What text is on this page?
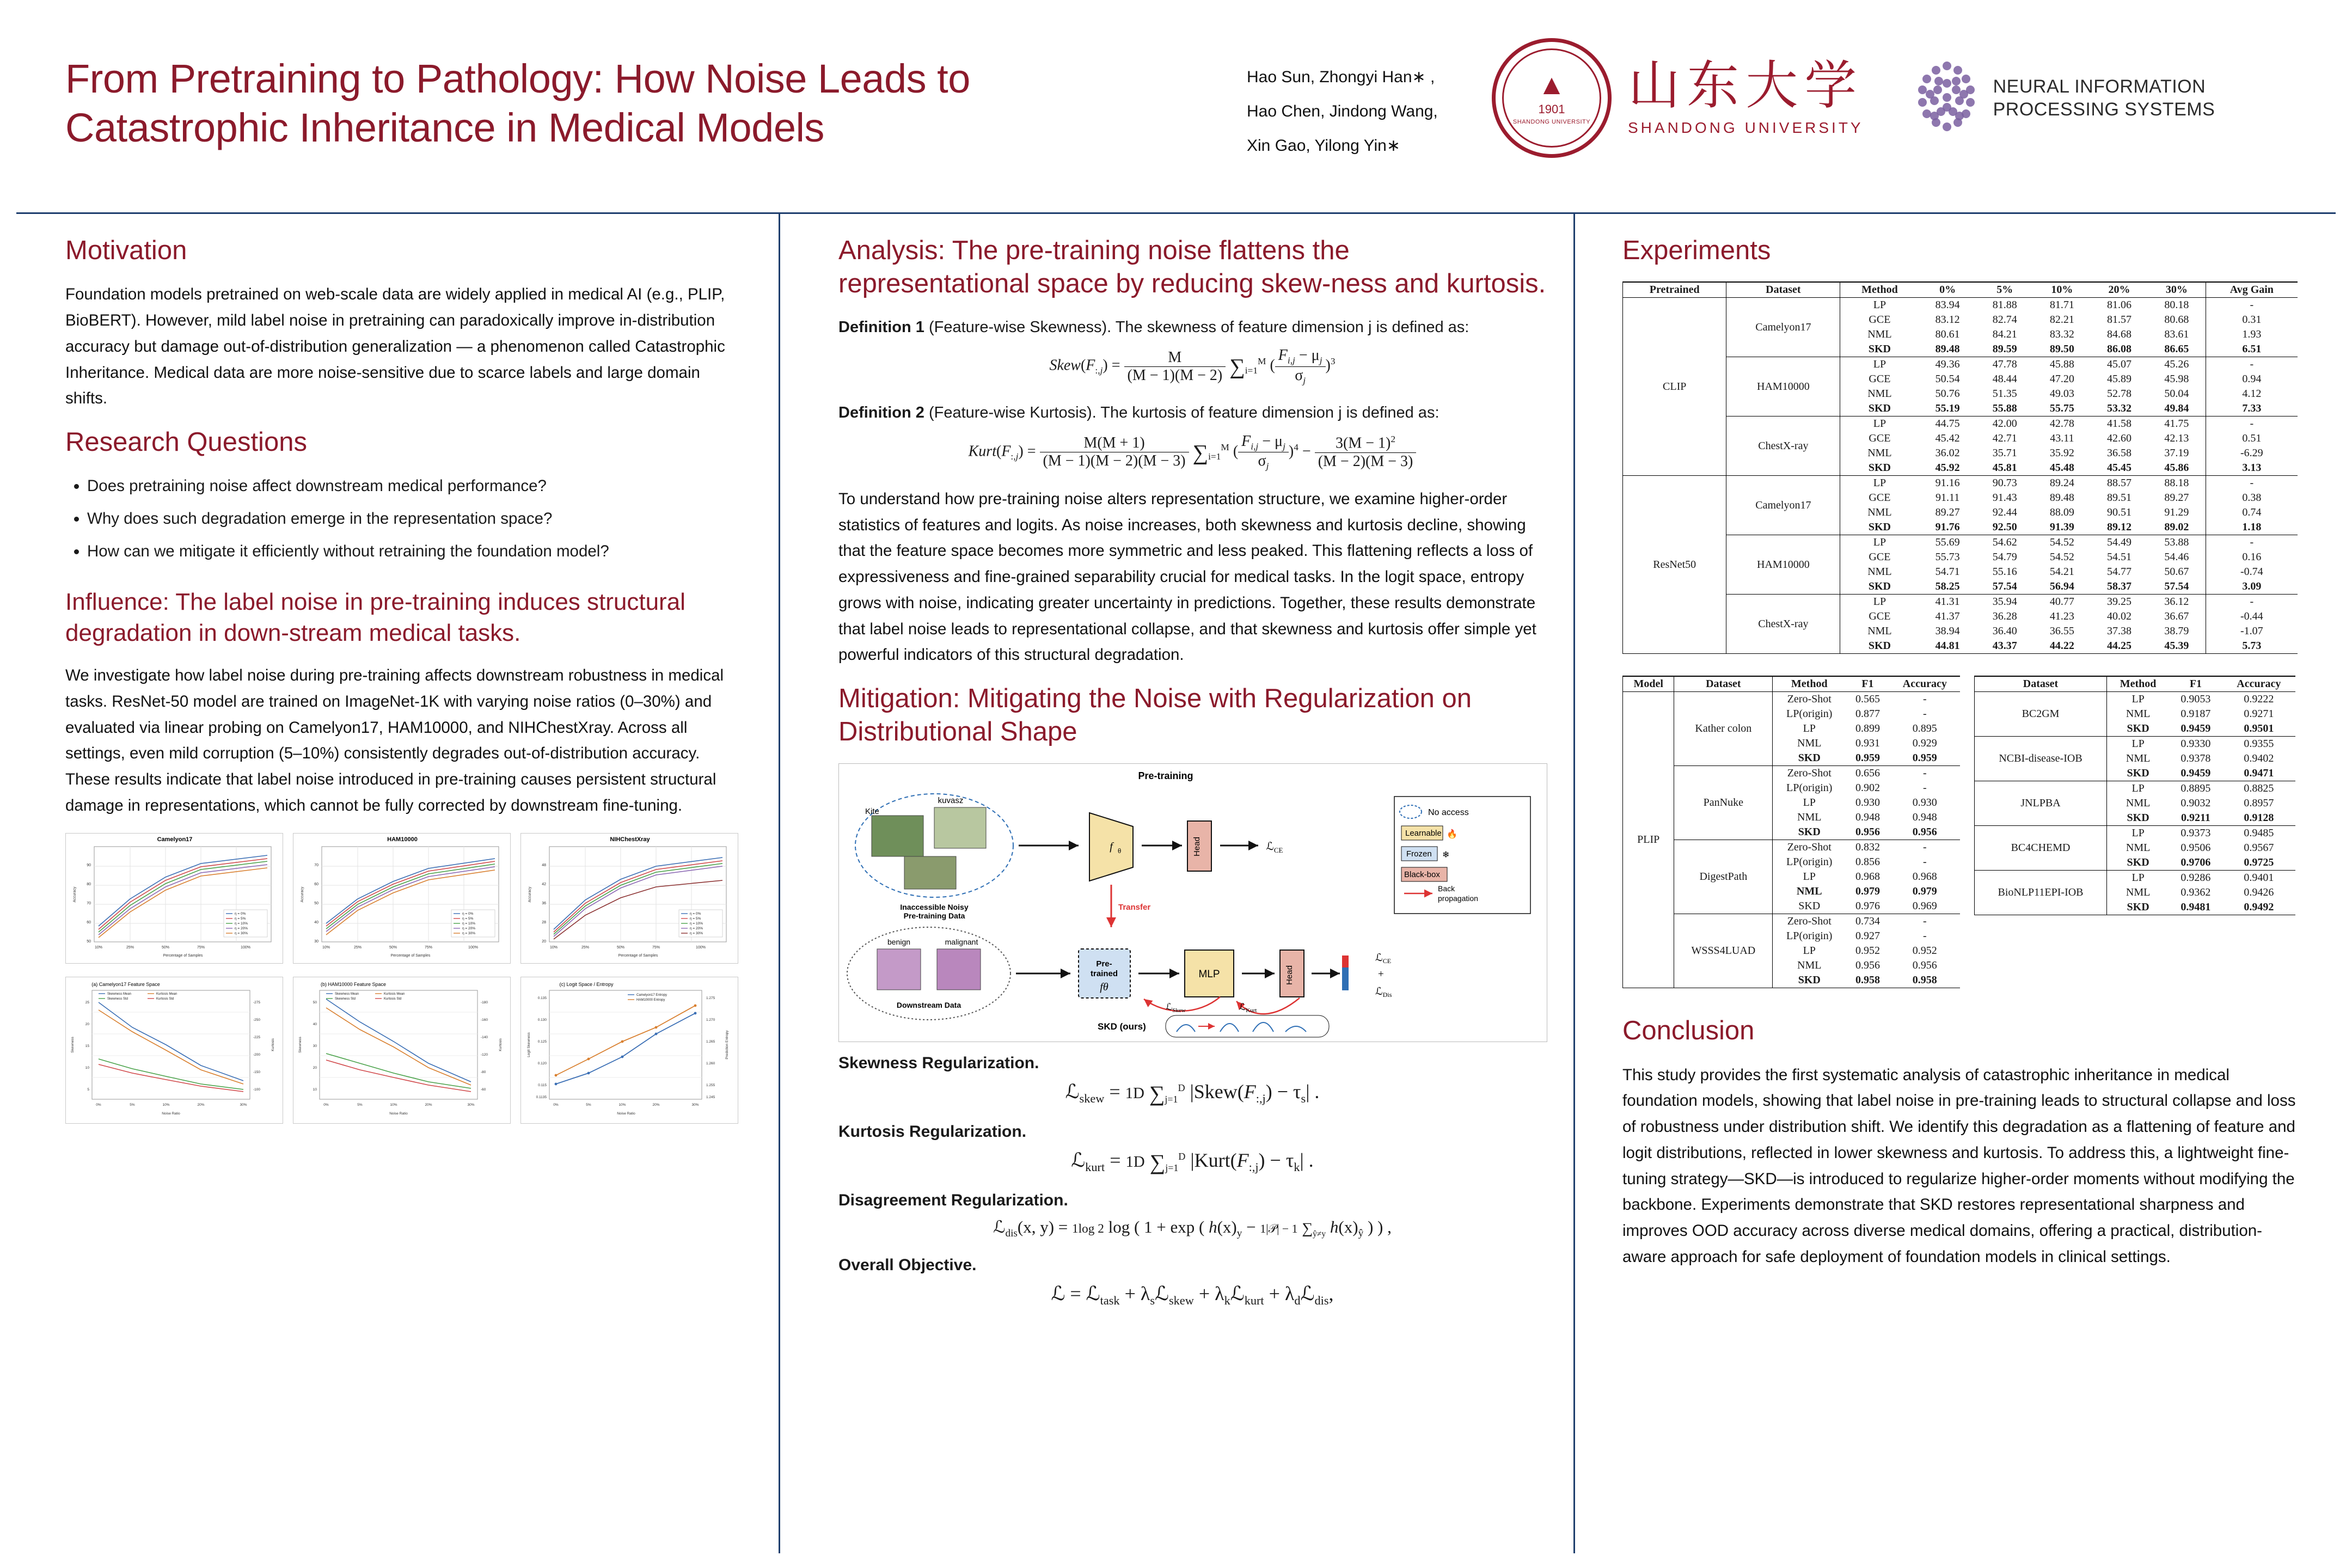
From Pretraining to Pathology: How Noise Leads to
Catastrophic Inheritance in Medical Models
Hao Sun, Zhongyi Han∗ ,
Hao Chen, Jindong Wang,
Xin Gao, Yilong Yin∗
▲
1901
SHANDONG UNIVERSITY
山东大学
SHANDONG UNIVERSITY
NEURAL INFORMATION
PROCESSING SYSTEMS
Motivation

Foundation models pretrained on web-scale data are widely applied in medical AI (e.g., PLIP, BioBERT). However, mild label noise in pretraining can paradoxically improve in-distribution accuracy but damage out-of-distribution generalization — a phenomenon called Catastrophic Inheritance. Medical data are more noise-sensitive due to scarce labels and large domain shifts.

Research Questions
• Does pretraining noise affect downstream medical performance?
• Why does such degradation emerge in the representation space?
• How can we mitigate it efficiently without retraining the foundation model?
Influence: The label noise in pre-training induces structural degradation in down-stream medical tasks.

We investigate how label noise during pre-training affects downstream robustness in medical tasks. ResNet-50 model are trained on ImageNet-1K with varying noise ratios (0–30%) and evaluated via linear probing on Camelyon17, HAM10000, and NIHChestXray. Across all settings, even mild corruption (5–10%) consistently degrades out-of-distribution accuracy. These results indicate that label noise introduced in pre-training causes persistent structural damage in representations, which cannot be fully corrected by downstream fine-tuning.

Camelyon17
50
60
70
80
90
10%	25%	50%	75%	100%
Percentage of Samples
Accuracy
η = 0%
η = 5%
η = 10%
η = 20%
η = 30%
HAM10000
30
40
50
60
70
10%	25%	50%	75%	100%
Percentage of Samples
Accuracy
η = 0%
η = 5%
η = 10%
η = 20%
η = 30%
NIHChestXray
20
28
36
42
48
10%	25%	50%	75%	100%
Percentage of Samples
Accuracy
η = 0%
η = 5%
η = 10%
η = 20%
η = 30%
(a) Camelyon17 Feature Space
25
20
15
10
5
-275
-250
-225
-200
-150
-100
0%	5%	10%	20%	30%
Noise Ratio
Skewness	Kurtosis
Skewness Mean	Kurtosis Mean
Skewness Std	Kurtosis Std
(b) HAM10000 Feature Space
50
40
30
20
10
-180
-160
-140
-120
-80
-60
0%	5%	10%	20%	30%
Noise Ratio
Skewness	Kurtosis
Skewness Mean	Kurtosis Mean
Skewness Std	Kurtosis Std
(c) Logit Space / Entropy
0.135
0.130
0.125
0.120
0.115
0.1135
1.275
1.270
1.265
1.260
1.255
1.245
0%	5%	10%	20%	30%
Noise Ratio
Logit Skewness	Prediction Entropy
Camelyon17 Entropy
HAM10000 Entropy
Analysis: The pre-training noise flattens the representational space by reducing skew-ness and kurtosis.

Definition 1 (Feature-wise Skewness). The skewness of feature dimension j is defined as:

$Skew(F_{:,j}) = \frac{M}{(M - 1)(M - 2)} \sum_{i=1}^M$ ( $\frac{F_{i,j} - \mu_j}{\sigma_j} )^3$

Definition 2 (Feature-wise Kurtosis). The kurtosis of feature dimension j is defined as:

$Kurt(F_{:,j}) = \frac{M(M + 1)}{(M - 1)(M - 2)(M - 3)} \sum_{i=1}^M$ ( $\frac{F_{i,j} - \mu_j}{\sigma_j} )^4 - \frac{3(M - 1)^2}{(M - 2)(M - 3)}$

To understand how pre-training noise alters representation structure, we examine higher-order statistics of features and logits. As noise increases, both skewness and kurtosis decline, showing that the feature space becomes more symmetric and less peaked. This flattening reflects a loss of expressiveness and fine-grained separability crucial for medical tasks. In the logit space, entropy grows with noise, indicating greater uncertainty in predictions. Together, these results demonstrate that label noise leads to representational collapse, and that skewness and kurtosis offer simple yet powerful indicators of this structural degradation.

Mitigation: Mitigating the Noise with Regularization on Distributional Shape
Pre-training
kuvasz
Kite
Inaccessible Noisy
Pre-training Data
f θ	Head	ℒ$_{CE}$
Transfer
benign	malignant
Downstream Data
Pre-
trained
fθ
MLP	Head
ℒ$_{CE}$
+
ℒ$_{Dis}$
ℒ$_{Skew}$	ℒ$_{Kurt}$
SKD (ours)
No access
Learnable 🔥
Frozen ❄
Black-box
Back
propagation
Skewness Regularization.
ℒ$_{skew}$ = 1D $\sum_{j=1}^D$ $|Skew(F_{:,j}) - \tau_s|$ .
Kurtosis Regularization.
ℒ$_{kurt}$ = 1D $\sum_{j=1}^D$ $|Kurt(F_{:,j}) - \tau_k|$ .
Disagreement Regularization.
ℒ$_{dis}$(x, y) = 1log 2 log ( 1 + exp ( $h(x)_y$ − 1|𝒫| − 1 $\sum_{ŷ\ne y}$ $h(x)_ŷ$ ) ) ,
Overall Objective.
ℒ = ℒ$_{task}$ + $\lambda_sℒ_{skew}$ + $\lambda_kℒ_{kurt}$ + $\lambda_dℒ_{dis}$,
Experiments
Pretrained	Dataset	Method	0%	5%	10%	20%	30%	Avg Gain
CLIP	Camelyon17	LP	83.94	81.88	81.71	81.06	80.18	-
		GCE	83.12	82.74	82.21	81.57	80.68	0.31
		NML	80.61	84.21	83.32	84.68	83.61	1.93
		SKD	89.48	89.59	89.50	86.08	86.65	6.51
	HAM10000	LP	49.36	47.78	45.88	45.07	45.26	-
		GCE	50.54	48.44	47.20	45.89	45.98	0.94
		NML	50.76	51.35	49.03	52.78	50.04	4.12
		SKD	55.19	55.88	55.75	53.32	49.84	7.33
	ChestX-ray	LP	44.75	42.00	42.78	41.58	41.75	-
		GCE	45.42	42.71	43.11	42.60	42.13	0.51
		NML	36.02	35.71	35.92	36.58	37.19	-6.29
		SKD	45.92	45.81	45.48	45.45	45.86	3.13
ResNet50	Camelyon17	LP	91.16	90.73	89.24	88.57	88.18	-
		GCE	91.11	91.43	89.48	89.51	89.27	0.38
		NML	89.27	92.44	88.09	90.51	91.29	0.74
		SKD	91.76	92.50	91.39	89.12	89.02	1.18
	HAM10000	LP	55.69	54.62	54.52	54.49	53.88	-
		GCE	55.73	54.79	54.52	54.51	54.46	0.16
		NML	54.71	55.16	54.21	54.77	50.67	-0.74
		SKD	58.25	57.54	56.94	58.37	57.54	3.09
	ChestX-ray	LP	41.31	35.94	40.77	39.25	36.12	-
		GCE	41.37	36.28	41.23	40.02	36.67	-0.44
		NML	38.94	36.40	36.55	37.38	38.79	-1.07
		SKD	44.81	43.37	44.22	44.25	45.39	5.73
Model	Dataset	Method	F1	Accuracy
PLIP	Kather colon	Zero-Shot	0.565	-
		LP(origin)	0.877	-
		LP	0.899	0.895
		NML	0.931	0.929
		SKD	0.959	0.959
	PanNuke	Zero-Shot	0.656	-
		LP(origin)	0.902	-
		LP	0.930	0.930
		NML	0.948	0.948
		SKD	0.956	0.956
	DigestPath	Zero-Shot	0.832	-
		LP(origin)	0.856	-
		LP	0.968	0.968
		NML	0.979	0.979
		SKD	0.976	0.969
	WSSS4LUAD	Zero-Shot	0.734	-
		LP(origin)	0.927	-
		LP	0.952	0.952
		NML	0.956	0.956
		SKD	0.958	0.958
Dataset	Method	F1	Accuracy
BC2GM	LP	0.9053	0.9222
	NML	0.9187	0.9271
	SKD	0.9459	0.9501
NCBI-disease-IOB	LP	0.9330	0.9355
	NML	0.9378	0.9402
	SKD	0.9459	0.9471
JNLPBA	LP	0.8895	0.8825
	NML	0.9032	0.8957
	SKD	0.9211	0.9128
BC4CHEMD	LP	0.9373	0.9485
	NML	0.9506	0.9567
	SKD	0.9706	0.9725
BioNLP11EPI-IOB	LP	0.9286	0.9401
	NML	0.9362	0.9426
	SKD	0.9481	0.9492
Conclusion

This study provides the first systematic analysis of catastrophic inheritance in medical foundation models, showing that label noise in pre-training leads to structural collapse and loss of robustness under distribution shift. We identify this degradation as a flattening of feature and logit distributions, reflected in lower skewness and kurtosis. To address this, a lightweight fine-tuning strategy—SKD—is introduced to regularize higher-order moments without modifying the backbone. Experiments demonstrate that SKD restores representational sharpness and improves OOD accuracy across diverse medical domains, offering a practical, distribution-aware approach for safe deployment of foundation models in clinical settings.
